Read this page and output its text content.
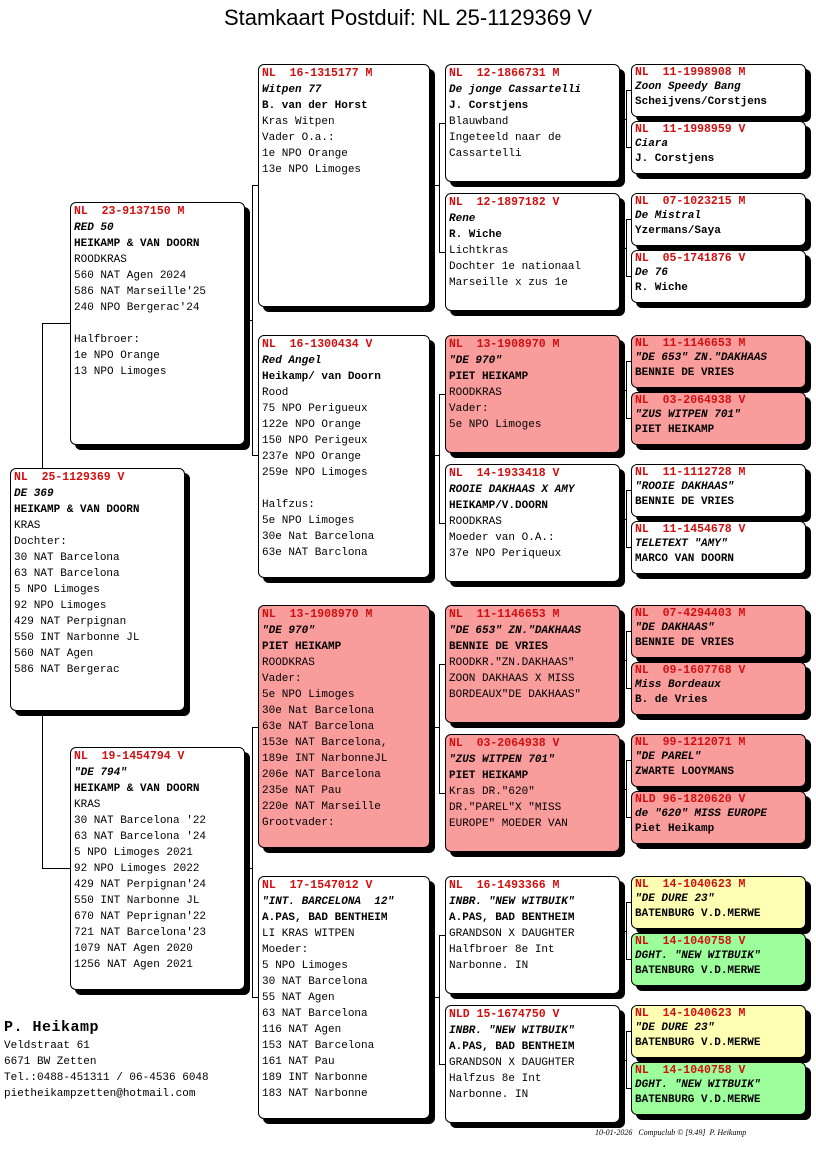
Stamkaart Postduif: NL 25-1129369 V
NL  25-1129369 V
DE 369
HEIKAMP & VAN DOORN
KRAS
Dochter:
30 NAT Barcelona
63 NAT Barcelona
5 NPO Limoges
92 NPO Limoges
429 NAT Perpignan
550 INT Narbonne JL
560 NAT Agen
586 NAT Bergerac
NL  23-9137150 M
RED 50
HEIKAMP & VAN DOORN
ROODKRAS
560 NAT Agen 2024
586 NAT Marseille'25
240 NPO Bergerac'24
Halfbroer:
1e NPO Orange
13 NPO Limoges
NL  19-1454794 V
"DE 794"
HEIKAMP & VAN DOORN
KRAS
30 NAT Barcelona '22
63 NAT Barcelona '24
5 NPO Limoges 2021
92 NPO Limoges 2022
429 NAT Perpignan'24
550 INT Narbonne JL
670 NAT Peprignan'22
721 NAT Barcelona'23
1079 NAT Agen 2020
1256 NAT Agen 2021
NL  16-1315177 M
Witpen 77
B. van der Horst
Kras Witpen
Vader O.a.:
1e NPO Orange
13e NPO Limoges
NL  16-1300434 V
Red Angel
Heikamp/ van Doorn
Rood
75 NPO Perigueux
122e NPO Orange
150 NPO Perigeux
237e NPO Orange
259e NPO Limoges
Halfzus:
5e NPO Limoges
30e Nat Barcelona
63e NAT Barclona
NL  13-1908970 M
"DE 970"
PIET HEIKAMP
ROODKRAS
Vader:
5e NPO Limoges
30e Nat Barcelona
63e NAT Barcelona
153e NAT Barcelona,
189e INT NarbonneJL
206e NAT Barcelona
235e NAT Pau
220e NAT Marseille
Grootvader:
NL  17-1547012 V
"INT. BARCELONA  12"
A.PAS, BAD BENTHEIM
LI KRAS WITPEN
Moeder:
5 NPO Limoges
30 NAT Barcelona
55 NAT Agen
63 NAT Barcelona
116 NAT Agen
153 NAT Barcelona
161 NAT Pau
189 INT Narbonne
183 NAT Narbonne
NL  12-1866731 M
De jonge Cassartelli
J. Corstjens
Blauwband
Ingeteeld naar de
Cassartelli
NL  12-1897182 V
Rene
R. Wiche
Lichtkras
Dochter 1e nationaal
Marseille x zus 1e
NL  13-1908970 M
"DE 970"
PIET HEIKAMP
ROODKRAS
Vader:
5e NPO Limoges
NL  14-1933418 V
ROOIE DAKHAAS X AMY
HEIKAMP/V.DOORN
ROODKRAS
Moeder van O.A.:
37e NPO Periqueux
NL  11-1146653 M
"DE 653" ZN."DAKHAAS
BENNIE DE VRIES
ROODKR."ZN.DAKHAAS"
ZOON DAKHAAS X MISS
BORDEAUX"DE DAKHAAS"
NL  03-2064938 V
"ZUS WITPEN 701"
PIET HEIKAMP
Kras DR."620"
DR."PAREL"X "MISS
EUROPE" MOEDER VAN
NL  16-1493366 M
INBR. "NEW WITBUIK"
A.PAS, BAD BENTHEIM
GRANDSON X DAUGHTER
Halfbroer 8e Int
Narbonne. IN
NLD 15-1674750 V
INBR. "NEW WITBUIK"
A.PAS, BAD BENTHEIM
GRANDSON X DAUGHTER
Halfzus 8e Int
Narbonne. IN
NL  11-1998908 M
Zoon Speedy Bang
Scheijvens/Corstjens
NL  11-1998959 V
Ciara
J. Corstjens
NL  07-1023215 M
De Mistral
Yzermans/Saya
NL  05-1741876 V
De 76
R. Wiche
NL  11-1146653 M
"DE 653" ZN."DAKHAAS
BENNIE DE VRIES
NL  03-2064938 V
"ZUS WITPEN 701"
PIET HEIKAMP
NL  11-1112728 M
"ROOIE DAKHAAS"
BENNIE DE VRIES
NL  11-1454678 V
TELETEXT "AMY"
MARCO VAN DOORN
NL  07-4294403 M
"DE DAKHAAS"
BENNIE DE VRIES
NL  09-1607768 V
Miss Bordeaux
B. de Vries
NL  99-1212071 M
"DE PAREL"
ZWARTE LOOYMANS
NLD 96-1820620 V
de "620" MISS EUROPE
Piet Heikamp
NL  14-1040623 M
"DE DURE 23"
BATENBURG V.D.MERWE
NL  14-1040758 V
DGHT. "NEW WITBUIK"
BATENBURG V.D.MERWE
NL  14-1040623 M
"DE DURE 23"
BATENBURG V.D.MERWE
NL  14-1040758 V
DGHT. "NEW WITBUIK"
BATENBURG V.D.MERWE
P. Heikamp
Veldstraat 61
6671 BW Zetten
Tel.:0488-451311 / 06-4536 6048
pietheikampzetten@hotmail.com
10-01-2026   Compuclub © [9.49]  P. Heikamp
